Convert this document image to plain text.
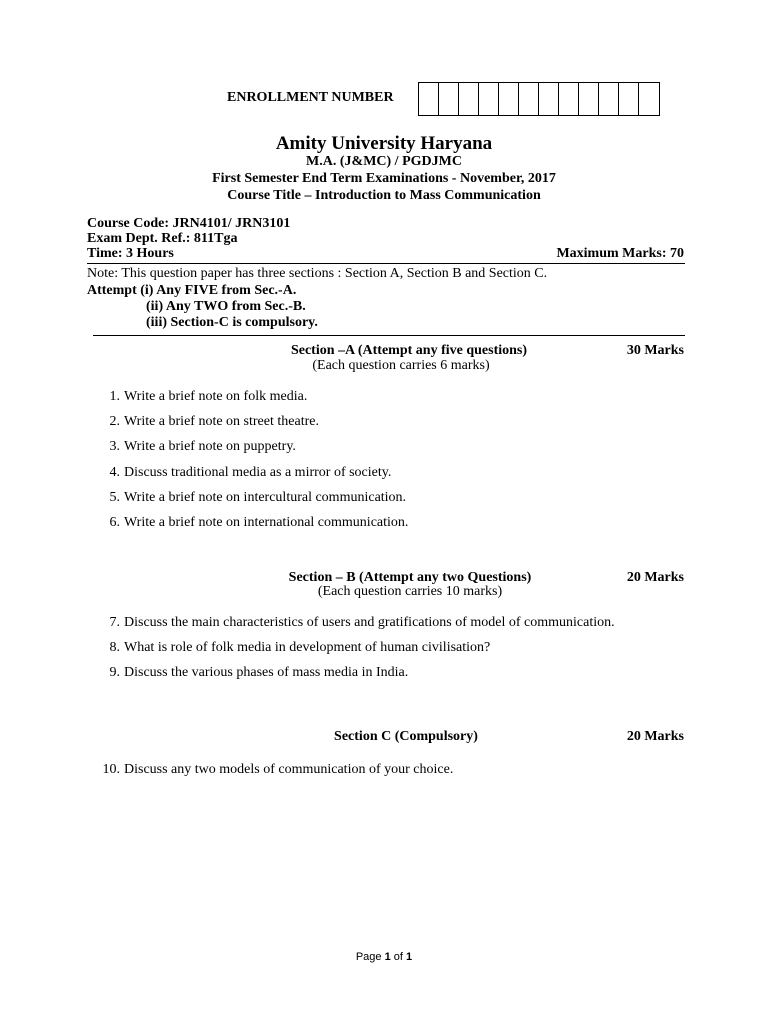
ENROLLMENT NUMBER
Amity University Haryana
M.A. (J&MC) / PGDJMC
First Semester End Term Examinations - November, 2017
Course Title – Introduction to Mass Communication
Course Code: JRN4101/ JRN3101
Exam Dept. Ref.: 811Tga
Time: 3 Hours	Maximum Marks: 70
Note: This question paper has three sections : Section A, Section B and Section C.
Attempt (i) Any FIVE from Sec.-A.
(ii) Any TWO from Sec.-B.
(iii) Section-C is compulsory.
Section –A (Attempt any five questions)	30 Marks
(Each question carries 6 marks)
1. Write a brief note on folk media.
2. Write a brief note on street theatre.
3. Write a brief note on puppetry.
4. Discuss traditional media as a mirror of society.
5. Write a brief note on intercultural communication.
6. Write a brief note on international communication.
Section – B (Attempt any two Questions)	20 Marks
(Each question carries 10 marks)
7. Discuss the main characteristics of users and gratifications of model of communication.
8. What is role of folk media in development of human civilisation?
9. Discuss the various phases of mass media in India.
Section C (Compulsory)	20 Marks
10. Discuss any two models of communication of your choice.
Page 1 of 1
